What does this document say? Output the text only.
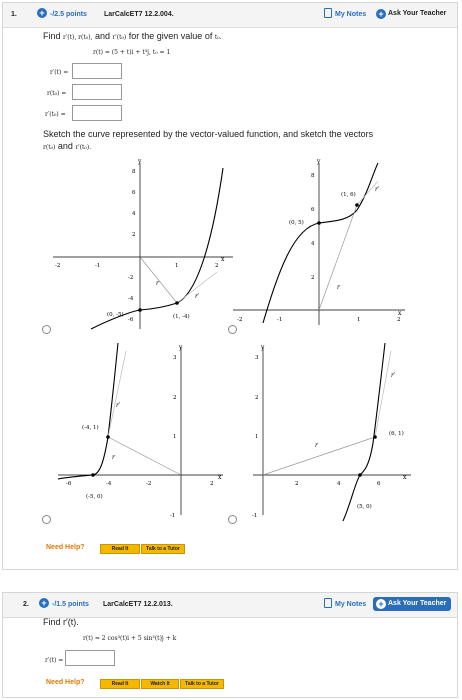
1.	+ -/2.5 points LarCalcET7 12.2.004.	My Notes + Ask Your Teacher
Find r′(t), r(t₀), and r′(t₀) for the given value of t₀.
r(t) = (5 + t)i + t³j, t₀ = 1
r′(t) =
r(t₀) =
r′(t₀) =
Sketch the curve represented by the vector-valued function, and sketch the vectors
r(t₀) and r′(t₀).
y
x
-2	-1	1	2
8
6
4
2
-2
-4
-6
(0, -5)	(1, -4)
r
r′
y
x
-2	-1	1	2
8
6
4
2
(1, 6)
(0, 5)
r′
r
y
x
-6	-4	-2	2
3
2
1
-1
(-4, 1)
(-5, 0)
r′
r
y
x
2	4	6
3
2
1
-1
(6, 1)
(5, 0)
r′
r
Need Help?	Read It	Talk to a Tutor
2. + -/1.5 points LarCalcET7 12.2.013.	My Notes + Ask Your Teacher
Find r′(t).
r(t) = 2 cos³(t)i + 5 sin³(t)j + k
r′(t) =
Need Help?	Read It	Watch It	Talk to a Tutor
